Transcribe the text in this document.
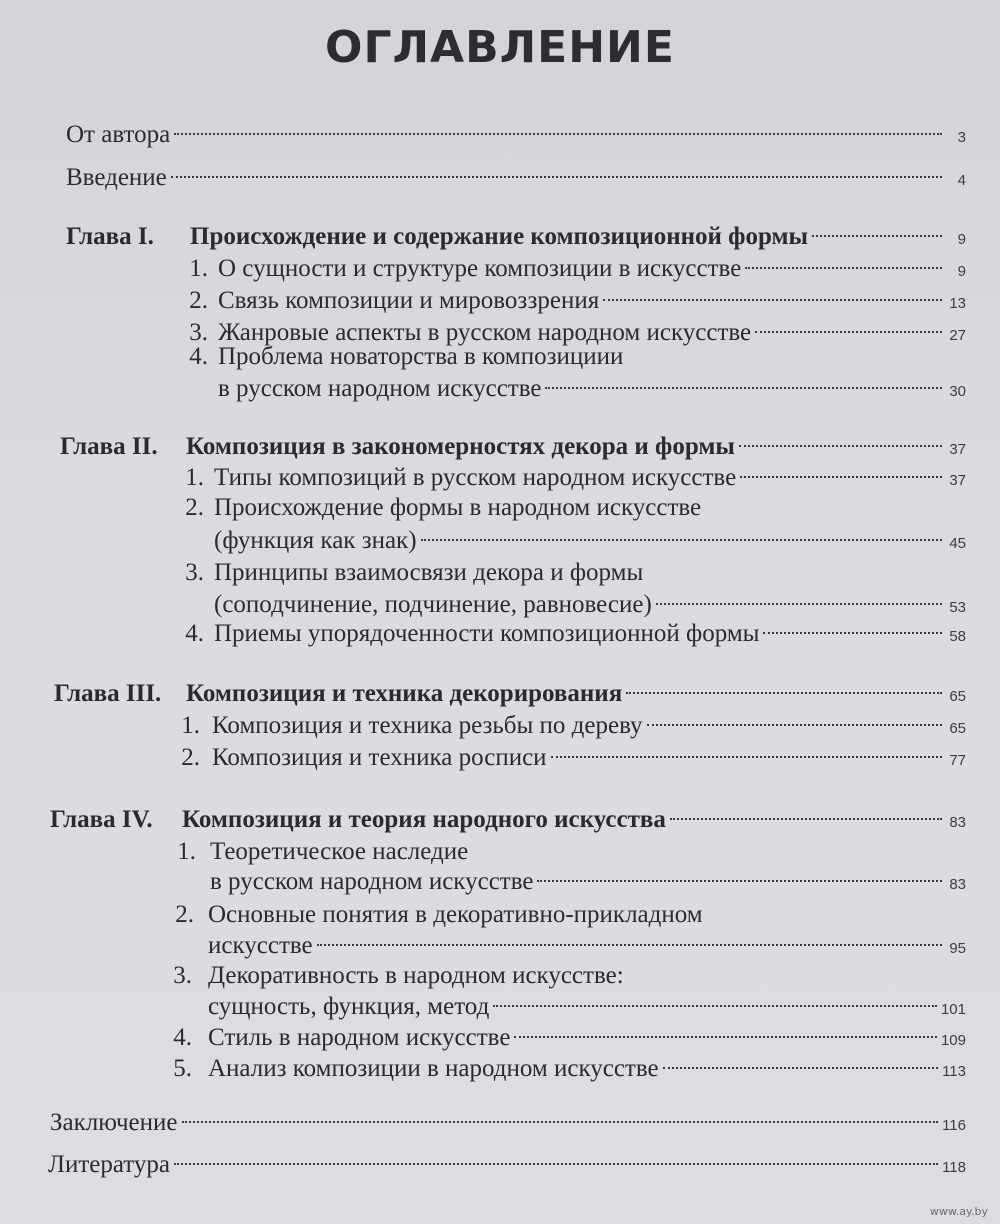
ОГЛАВЛЕНИЕ
От автора	3
Введение	4
Глава I. Происхождение и содержание композиционной формы	9
1. О сущности и структуре композиции в искусстве	9
2. Связь композиции и мировоззрения	13
3. Жанровые аспекты в русском народном искусстве	27
4. Проблема новаторства в композициии
в русском народном искусстве	30
Глава II. Композиция в закономерностях декора и формы	37
1. Типы композиций в русском народном искусстве	37
2. Происхождение формы в народном искусстве
(функция как знак)	45
3. Принципы взаимосвязи декора и формы
(соподчинение, подчинение, равновесие)	53
4. Приемы упорядоченности композиционной формы	58
Глава III. Композиция и техника декорирования	65
1. Композиция и техника резьбы по дереву	65
2. Композиция и техника росписи	77
Глава IV. Композиция и теория народного искусства	83
1. Теоретическое наследие
в русском народном искусстве	83
2. Основные понятия в декоративно-прикладном
искусстве	95
3. Декоративность в народном искусстве:
сущность, функция, метод	101
4. Стиль в народном искусстве	109
5. Анализ композиции в народном искусстве	113
Заключение	116
Литература	118
www.ay.by
